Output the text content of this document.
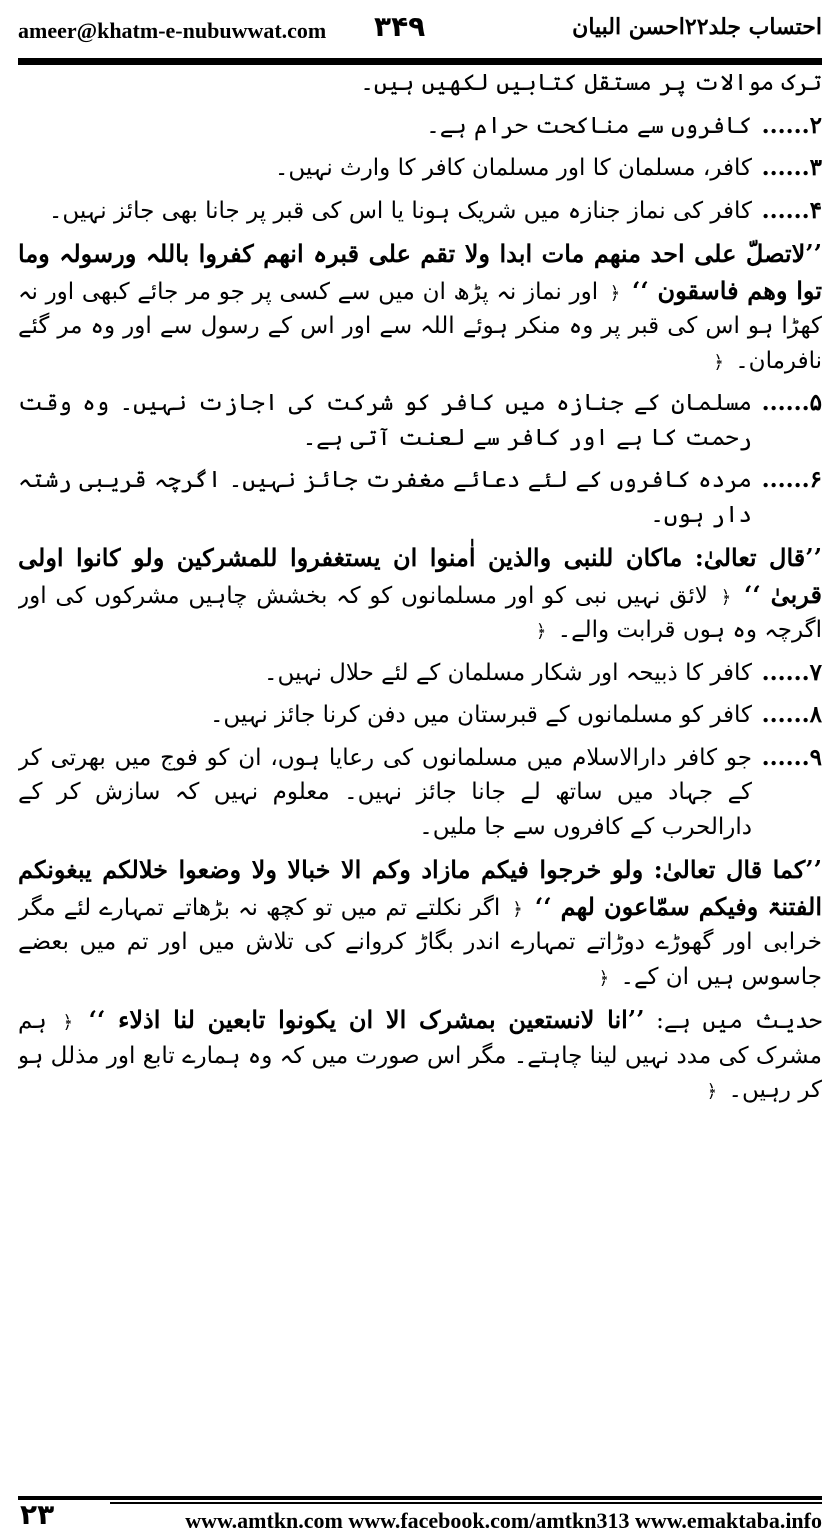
ameer@khatm-e-nubuwwat.com ۳۴۹	احتساب جلد۲۲احسن البیان

ترک موالات پر مستقل کتابیں لکھیں ہیں۔

۲......
کافروں سے مناکحت حرام ہے۔
۳......
کافر، مسلمان کا اور مسلمان کافر کا وارث نہیں۔
۴......
کافر کی نماز جنازہ میں شریک ہونا یا اس کی قبر پر جانا بھی جائز نہیں۔

’’لاتصلّ علی احد منھم مات ابدا ولا تقم علی قبرہ انھم کفروا باللہ ورسولہ وما توا وھم فاسقون ‘‘ ﴿ اور نماز نہ پڑھ ان میں سے کسی پر جو مر جائے کبھی اور نہ کھڑا ہو اس کی قبر پر وہ منکر ہوئے اللہ سے اور اس کے رسول سے اور وہ مر گئے نافرمان۔ ﴿

۵......
مسلمان کے جنازہ میں کافر کو شرکت کی اجازت نہیں۔ وہ وقت رحمت کا ہے اور کافر سے لعنت آتی ہے۔
۶......
مردہ کافروں کے لئے دعائے مغفرت جائز نہیں۔ اگرچہ قریبی رشتہ دار ہوں۔

’’قال تعالیٰ: ماکان للنبی والذین اٰمنوا ان یستغفروا للمشرکین ولو کانوا اولی قربیٰ ‘‘ ﴿ لائق نہیں نبی کو اور مسلمانوں کو کہ بخشش چاہیں مشرکوں کی اور اگرچہ وہ ہوں قرابت والے۔ ﴿

۷......
کافر کا ذبیحہ اور شکار مسلمان کے لئے حلال نہیں۔
۸......
کافر کو مسلمانوں کے قبرستان میں دفن کرنا جائز نہیں۔
۹......
جو کافر دارالاسلام میں مسلمانوں کی رعایا ہوں، ان کو فوج میں بھرتی کر کے جہاد میں ساتھ لے جانا جائز نہیں۔ معلوم نہیں کہ سازش کر کے دارالحرب کے کافروں سے جا ملیں۔

’’کما قال تعالیٰ: ولو خرجوا فیکم مازاد وکم الا خبالا ولا وضعوا خلالکم یبغونکم الفتنۃ وفیکم سمّاعون لھم ‘‘ ﴿ اگر نکلتے تم میں تو کچھ نہ بڑھاتے تمہارے لئے مگر خرابی اور گھوڑے دوڑاتے تمہارے اندر بگاڑ کروانے کی تلاش میں اور تم میں بعضے جاسوس ہیں ان کے۔ ﴿

حدیث میں ہے: ’’انا لانستعین بمشرک الا ان یکونوا تابعین لنا اذلاء ‘‘ ﴿ ہم مشرک کی مدد نہیں لینا چاہتے۔ مگر اس صورت میں کہ وہ ہمارے تابع اور مذلل ہو کر رہیں۔ ﴿

۲۳	www.amtkn.com www.facebook.com/amtkn313 www.emaktaba.info
